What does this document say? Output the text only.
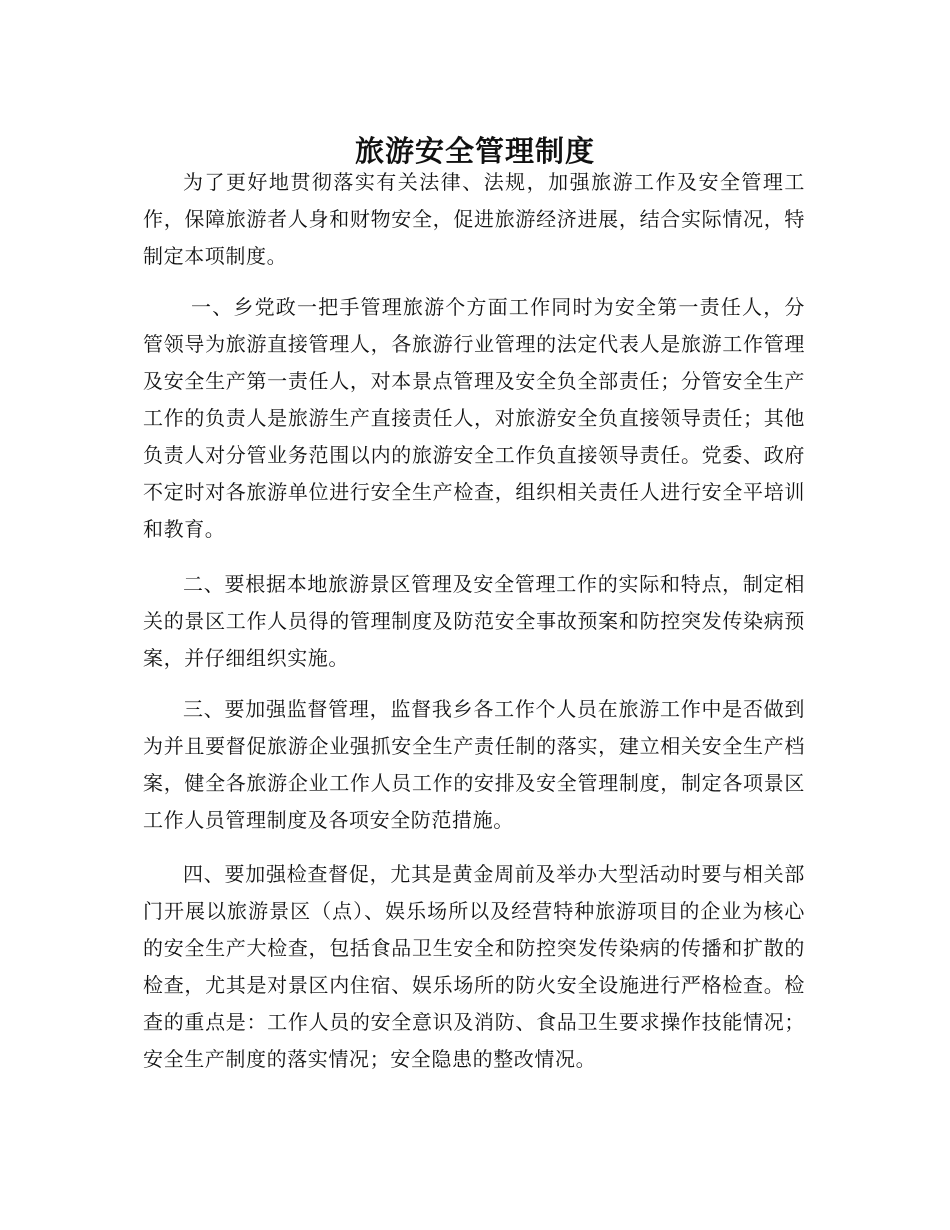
旅游安全管理制度

为了更好地贯彻落实有关法律、法规，加强旅游工作及安全管理工作，保障旅游者人身和财物安全，促进旅游经济进展，结合实际情况，特制定本项制度。

一、乡党政一把手管理旅游个方面工作同时为安全第一责任人，分管领导为旅游直接管理人，各旅游行业管理的法定代表人是旅游工作管理及安全生产第一责任人，对本景点管理及安全负全部责任；分管安全生产工作的负责人是旅游生产直接责任人，对旅游安全负直接领导责任；其他负责人对分管业务范围以内的旅游安全工作负直接领导责任。党委、政府不定时对各旅游单位进行安全生产检查，组织相关责任人进行安全平培训和教育。

二、要根据本地旅游景区管理及安全管理工作的实际和特点，制定相关的景区工作人员得的管理制度及防范安全事故预案和防控突发传染病预案，并仔细组织实施。

三、要加强监督管理，监督我乡各工作个人员在旅游工作中是否做到为并且要督促旅游企业强抓安全生产责任制的落实，建立相关安全生产档案，健全各旅游企业工作人员工作的安排及安全管理制度，制定各项景区工作人员管理制度及各项安全防范措施。

四、要加强检查督促，尤其是黄金周前及举办大型活动时要与相关部门开展以旅游景区（点）、娱乐场所以及经营特种旅游项目的企业为核心的安全生产大检查，包括食品卫生安全和防控突发传染病的传播和扩散的检查，尤其是对景区内住宿、娱乐场所的防火安全设施进行严格检查。检查的重点是：工作人员的安全意识及消防、食品卫生要求操作技能情况；安全生产制度的落实情况；安全隐患的整改情况。
